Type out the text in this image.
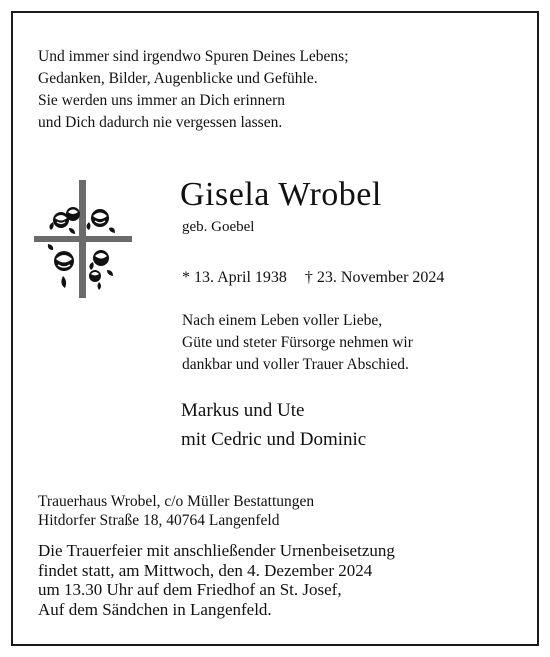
Und immer sind irgendwo Spuren Deines Lebens;
Gedanken, Bilder, Augenblicke und Gefühle.
Sie werden uns immer an Dich erinnern
und Dich dadurch nie vergessen lassen.
Gisela Wrobel
geb. Goebel
* 13. April 1938 † 23. November 2024
Nach einem Leben voller Liebe,
Güte und steter Fürsorge nehmen wir
dankbar und voller Trauer Abschied.
Markus und Ute
mit Cedric und Dominic
Trauerhaus Wrobel, c/o Müller Bestattungen
Hitdorfer Straße 18, 40764 Langenfeld
Die Trauerfeier mit anschließender Urnenbeisetzung
findet statt, am Mittwoch, den 4. Dezember 2024
um 13.30 Uhr auf dem Friedhof an St. Josef,
Auf dem Sändchen in Langenfeld.
